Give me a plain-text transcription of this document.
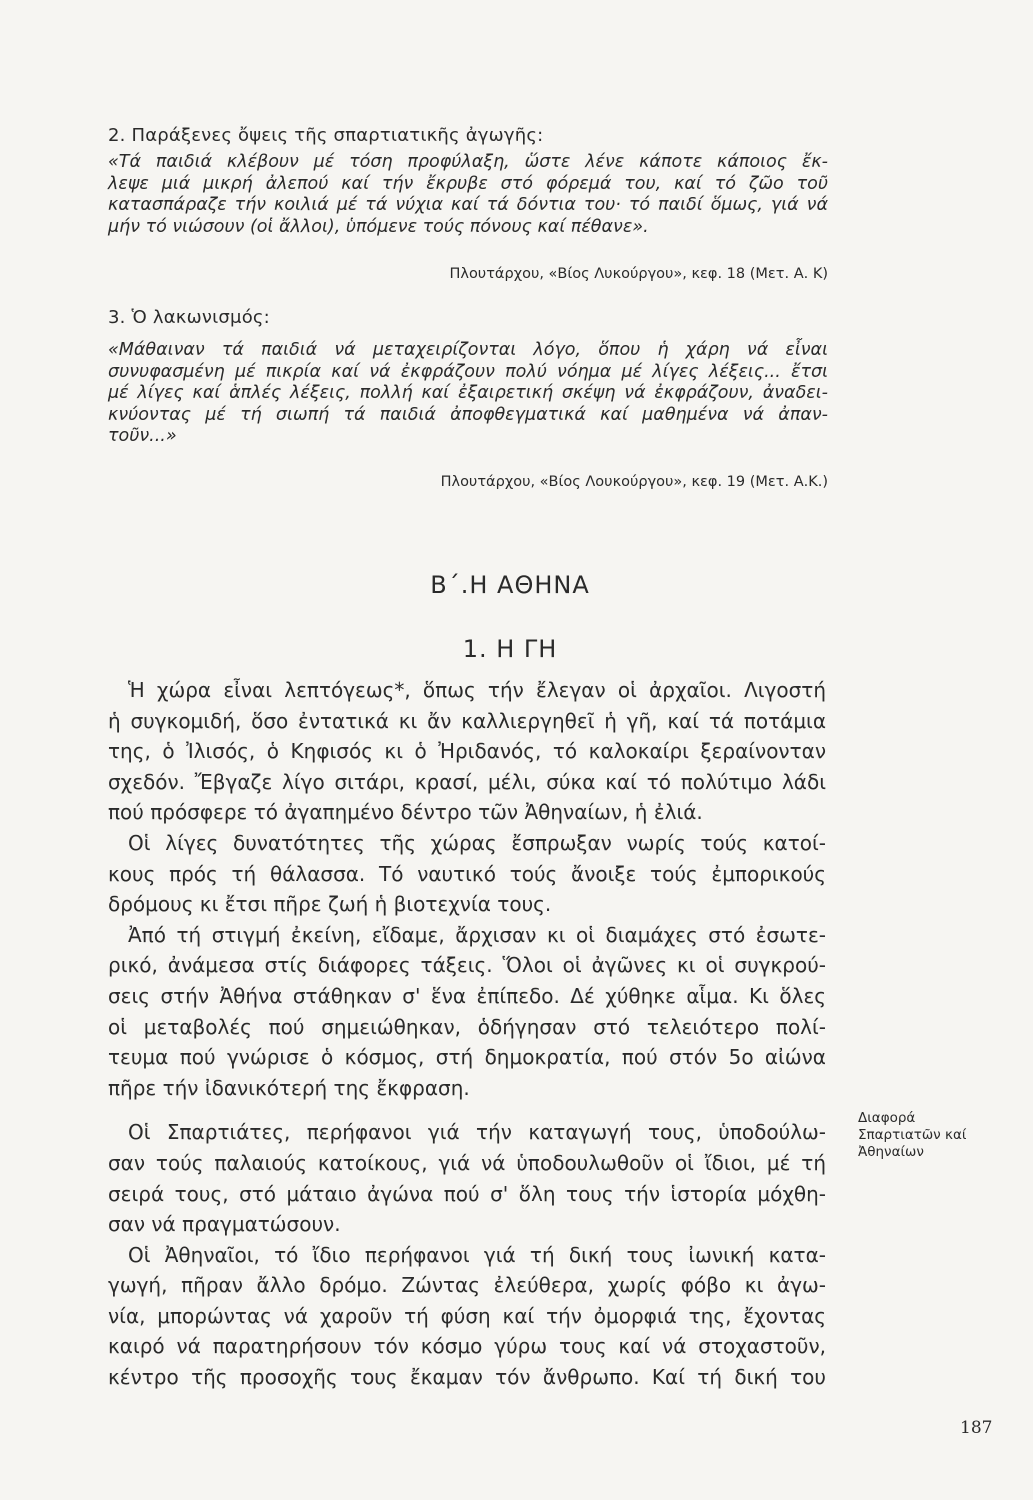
2. Παράξενες ὄψεις τῆς σπαρτιατικῆς ἀγωγῆς:

«Τά παιδιά κλέβουν μέ τόση προφύλαξη, ὥστε λένε κάποτε κάποιος ἔκ-
λεψε μιά μικρή ἀλεπού καί τήν ἔκρυβε στό φόρεμά του, καί τό ζῶο τοῦ
κατασπάραζε τήν κοιλιά μέ τά νύχια καί τά δόντια του· τό παιδί ὅμως, γιά νά
μήν τό νιώσουν (οἱ ἄλλοι), ὑπόμενε τούς πόνους καί πέθανε».

Πλουτάρχου, «Βίος Λυκούργου», κεφ. 18 (Μετ. Α. Κ)
3. Ὁ λακωνισμός:

«Μάθαιναν τά παιδιά νά μεταχειρίζονται λόγο, ὅπου ἡ χάρη νά εἶναι
συνυφασμένη μέ πικρία καί νά ἐκφράζουν πολύ νόημα μέ λίγες λέξεις... ἔτσι
μέ λίγες καί ἁπλές λέξεις, πολλή καί ἐξαιρετική σκέψη νά ἐκφράζουν, ἀναδει-
κνύοντας μέ τή σιωπή τά παιδιά ἀποφθεγματικά καί μαθημένα νά ἀπαν-
τοῦν...»

Πλουτάρχου, «Βίος Λουκούργου», κεφ. 19 (Μετ. Α.Κ.)
Β΄.Η ΑΘΗΝΑ
1. Η ΓΗ
Ἡ χώρα εἶναι λεπτόγεως*, ὅπως τήν ἔλεγαν οἱ ἀρχαῖοι. Λιγοστή
ἡ συγκομιδή, ὅσο ἐντατικά κι ἄν καλλιεργηθεῖ ἡ γῆ, καί τά ποτάμια
της, ὁ Ἰλισός, ὁ Κηφισός κι ὁ Ἠριδανός, τό καλοκαίρι ξεραίνονταν
σχεδόν. Ἔβγαζε λίγο σιτάρι, κρασί, μέλι, σύκα καί τό πολύτιμο λάδι
πού πρόσφερε τό ἀγαπημένο δέντρο τῶν Ἀθηναίων, ἡ ἐλιά.
Οἱ λίγες δυνατότητες τῆς χώρας ἔσπρωξαν νωρίς τούς κατοί-
κους πρός τή θάλασσα. Τό ναυτικό τούς ἄνοιξε τούς ἐμπορικούς
δρόμους κι ἔτσι πῆρε ζωή ἡ βιοτεχνία τους.
Ἀπό τή στιγμή ἐκείνη, εἴδαμε, ἄρχισαν κι οἱ διαμάχες στό ἐσωτε-
ρικό, ἀνάμεσα στίς διάφορες τάξεις. Ὅλοι οἱ ἀγῶνες κι οἱ συγκρού-
σεις στήν Ἀθήνα στάθηκαν σ' ἕνα ἐπίπεδο. Δέ χύθηκε αἷμα. Κι ὅλες
οἱ μεταβολές πού σημειώθηκαν, ὁδήγησαν στό τελειότερο πολί-
τευμα πού γνώρισε ὁ κόσμος, στή δημοκρατία, πού στόν 5ο αἰώνα
πῆρε τήν ἰδανικότερή της ἔκφραση.
Οἱ Σπαρτιάτες, περήφανοι γιά τήν καταγωγή τους, ὑποδούλω-
σαν τούς παλαιούς κατοίκους, γιά νά ὑποδουλωθοῦν οἱ ἴδιοι, μέ τή
σειρά τους, στό μάταιο ἀγώνα πού σ' ὅλη τους τήν ἱστορία μόχθη-
σαν νά πραγματώσουν.
Οἱ Ἀθηναῖοι, τό ἴδιο περήφανοι γιά τή δική τους ἰωνική κατα-
γωγή, πῆραν ἄλλο δρόμο. Ζώντας ἐλεύθερα, χωρίς φόβο κι ἀγω-
νία, μπορώντας νά χαροῦν τή φύση καί τήν ὀμορφιά της, ἔχοντας
καιρό νά παρατηρήσουν τόν κόσμο γύρω τους καί νά στοχαστοῦν,
κέντρο τῆς προσοχῆς τους ἔκαμαν τόν ἄνθρωπο. Καί τή δική του
Διαφορά
Σπαρτιατῶν καί
Ἀθηναίων
187
